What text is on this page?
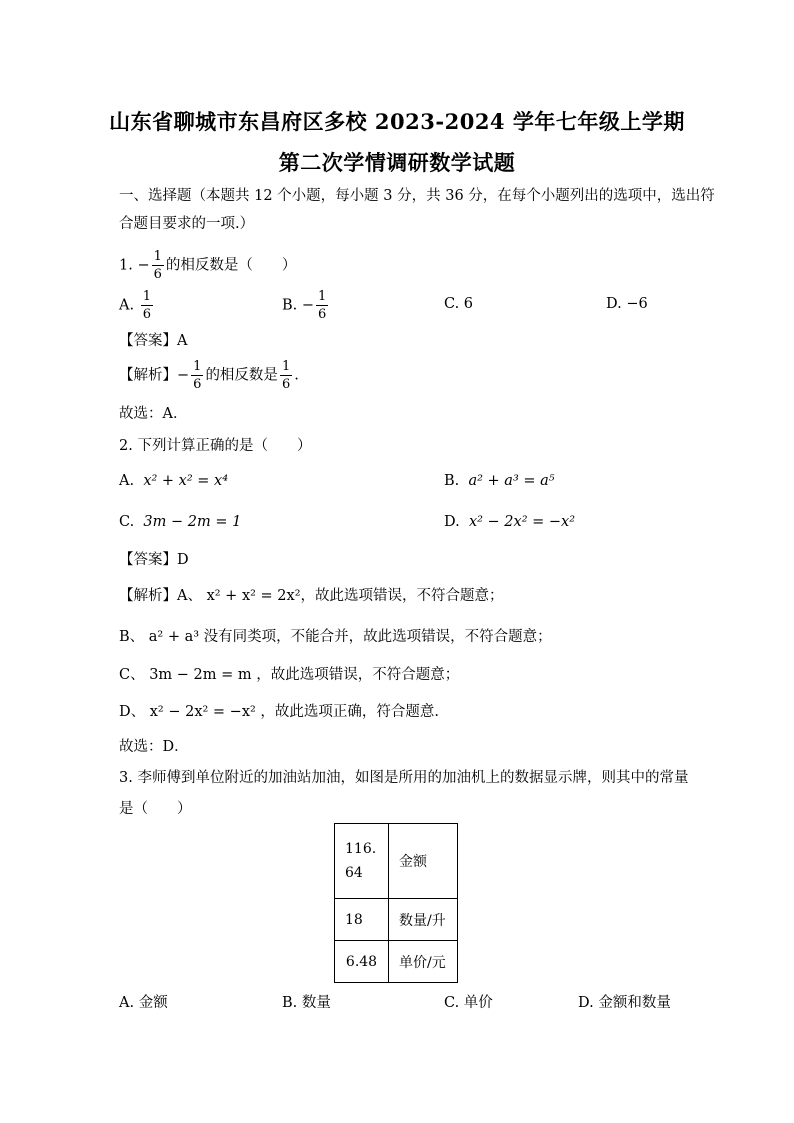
山东省聊城市东昌府区多校 2023-2024 学年七年级上学期
第二次学情调研数学试题
一、选择题（本题共 12 个小题，每小题 3 分，共 36 分，在每个小题列出的选项中，选出符
合题目要求的一项.）
1. − $\frac{1}{6}$ 的相反数是（　　）
A. $\frac{1}{6}$	B. − $\frac{1}{6}$	C. 6	D. −6
【答案】A
【解析】− $\frac{1}{6}$ 的相反数是 $\frac{1}{6}$ .
故选：A．
2. 下列计算正确的是（　　）
A. x² + x² = x⁴	B. a² + a³ = a⁵
C. 3m − 2m = 1	D. x² − 2x² = −x²
【答案】D
【解析】A、 x² + x² = 2x²，故此选项错误，不符合题意；
B、 a² + a³ 没有同类项，不能合并，故此选项错误，不符合题意；
C、 3m − 2m = m ，故此选项错误，不符合题意；
D、 x² − 2x² = −x² ，故此选项正确，符合题意.
故选：D．
3. 李师傅到单位附近的加油站加油，如图是所用的加油机上的数据显示牌，则其中的常量
是（　　）
116.64	金额
18	数量/升
6.48	单价/元
A. 金额	B. 数量	C. 单价	D. 金额和数量
